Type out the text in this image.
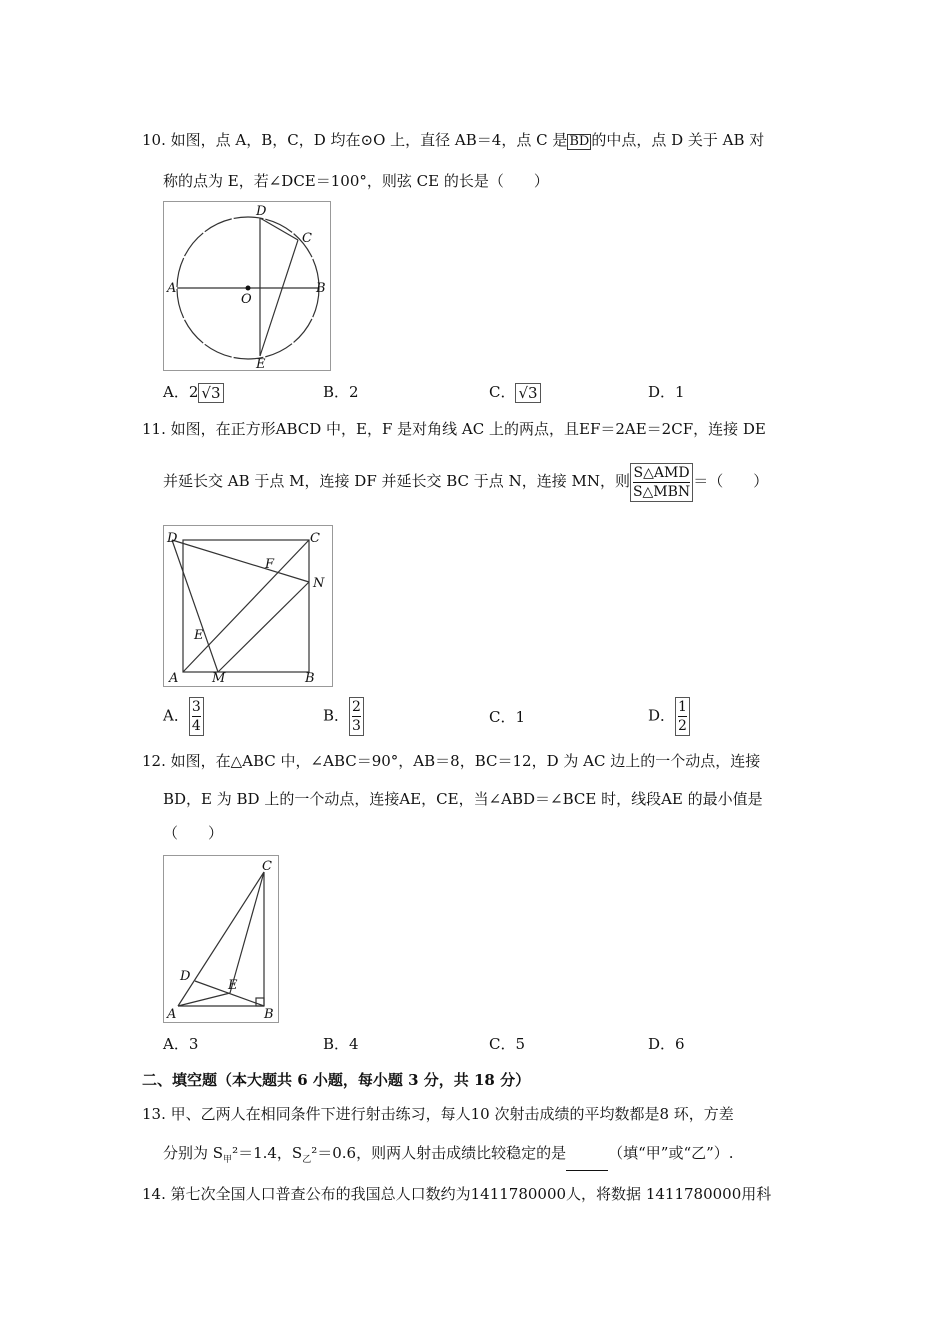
10. 如图，点 A，B，C，D 均在⊙O 上，直径 AB＝4，点 C 是 BD 的中点，点 D 关于 AB 对
称的点为 E，若∠DCE＝100°，则弦 CE 的长是（　　）
A	B
C
D
E
O
A．2 √3	B．2	C． √3	D．1
11. 如图，在正方形ABCD 中，E，F 是对角线 AC 上的两点，且EF＝2AE＝2CF，连接 DE
并延长交 AB 于点 M，连接 DF 并延长交 BC 于点 N，连接 MN，则 $\frac{\text{S△AMD}}{\text{S△MBN}}$ ＝（　　）
D	C
A	B
M
N
E
F
A． $\frac{3}{4}$	B． $\frac{2}{3}$	C．1	D． $\frac{1}{2}$
12. 如图，在△ABC 中，∠ABC＝90°，AB＝8，BC＝12，D 为 AC 边上的一个动点，连接
BD，E 为 BD 上的一个动点，连接AE，CE，当∠ABD＝∠BCE 时，线段AE 的最小值是
（　　）
C
A	B
D
E
A．3	B．4	C．5	D．6
二、填空题（本大题共 6 小题，每小题 3 分，共 18 分）
13. 甲、乙两人在相同条件下进行射击练习，每人10 次射击成绩的平均数都是8 环，方差
分别为 $S_甲^2=1.4$，$S_乙^2=0.6$，则两人射击成绩比较稳定的是	（填“甲”或“乙”）.
14. 第七次全国人口普查公布的我国总人口数约为1411780000人，将数据 1411780000用科
